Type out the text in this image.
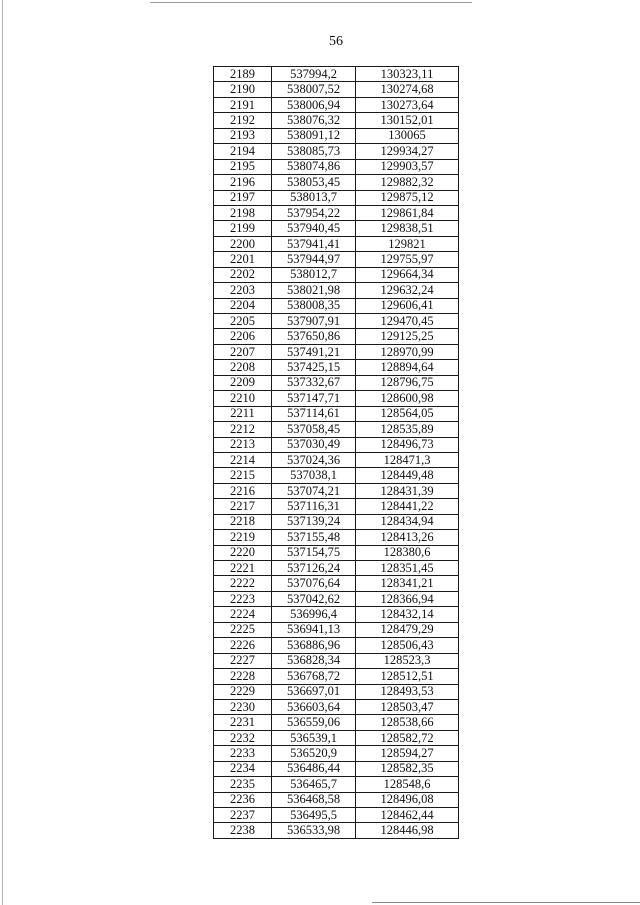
56
2189	537994,2	130323,11
2190	538007,52	130274,68
2191	538006,94	130273,64
2192	538076,32	130152,01
2193	538091,12	130065
2194	538085,73	129934,27
2195	538074,86	129903,57
2196	538053,45	129882,32
2197	538013,7	129875,12
2198	537954,22	129861,84
2199	537940,45	129838,51
2200	537941,41	129821
2201	537944,97	129755,97
2202	538012,7	129664,34
2203	538021,98	129632,24
2204	538008,35	129606,41
2205	537907,91	129470,45
2206	537650,86	129125,25
2207	537491,21	128970,99
2208	537425,15	128894,64
2209	537332,67	128796,75
2210	537147,71	128600,98
2211	537114,61	128564,05
2212	537058,45	128535,89
2213	537030,49	128496,73
2214	537024,36	128471,3
2215	537038,1	128449,48
2216	537074,21	128431,39
2217	537116,31	128441,22
2218	537139,24	128434,94
2219	537155,48	128413,26
2220	537154,75	128380,6
2221	537126,24	128351,45
2222	537076,64	128341,21
2223	537042,62	128366,94
2224	536996,4	128432,14
2225	536941,13	128479,29
2226	536886,96	128506,43
2227	536828,34	128523,3
2228	536768,72	128512,51
2229	536697,01	128493,53
2230	536603,64	128503,47
2231	536559,06	128538,66
2232	536539,1	128582,72
2233	536520,9	128594,27
2234	536486,44	128582,35
2235	536465,7	128548,6
2236	536468,58	128496,08
2237	536495,5	128462,44
2238	536533,98	128446,98
